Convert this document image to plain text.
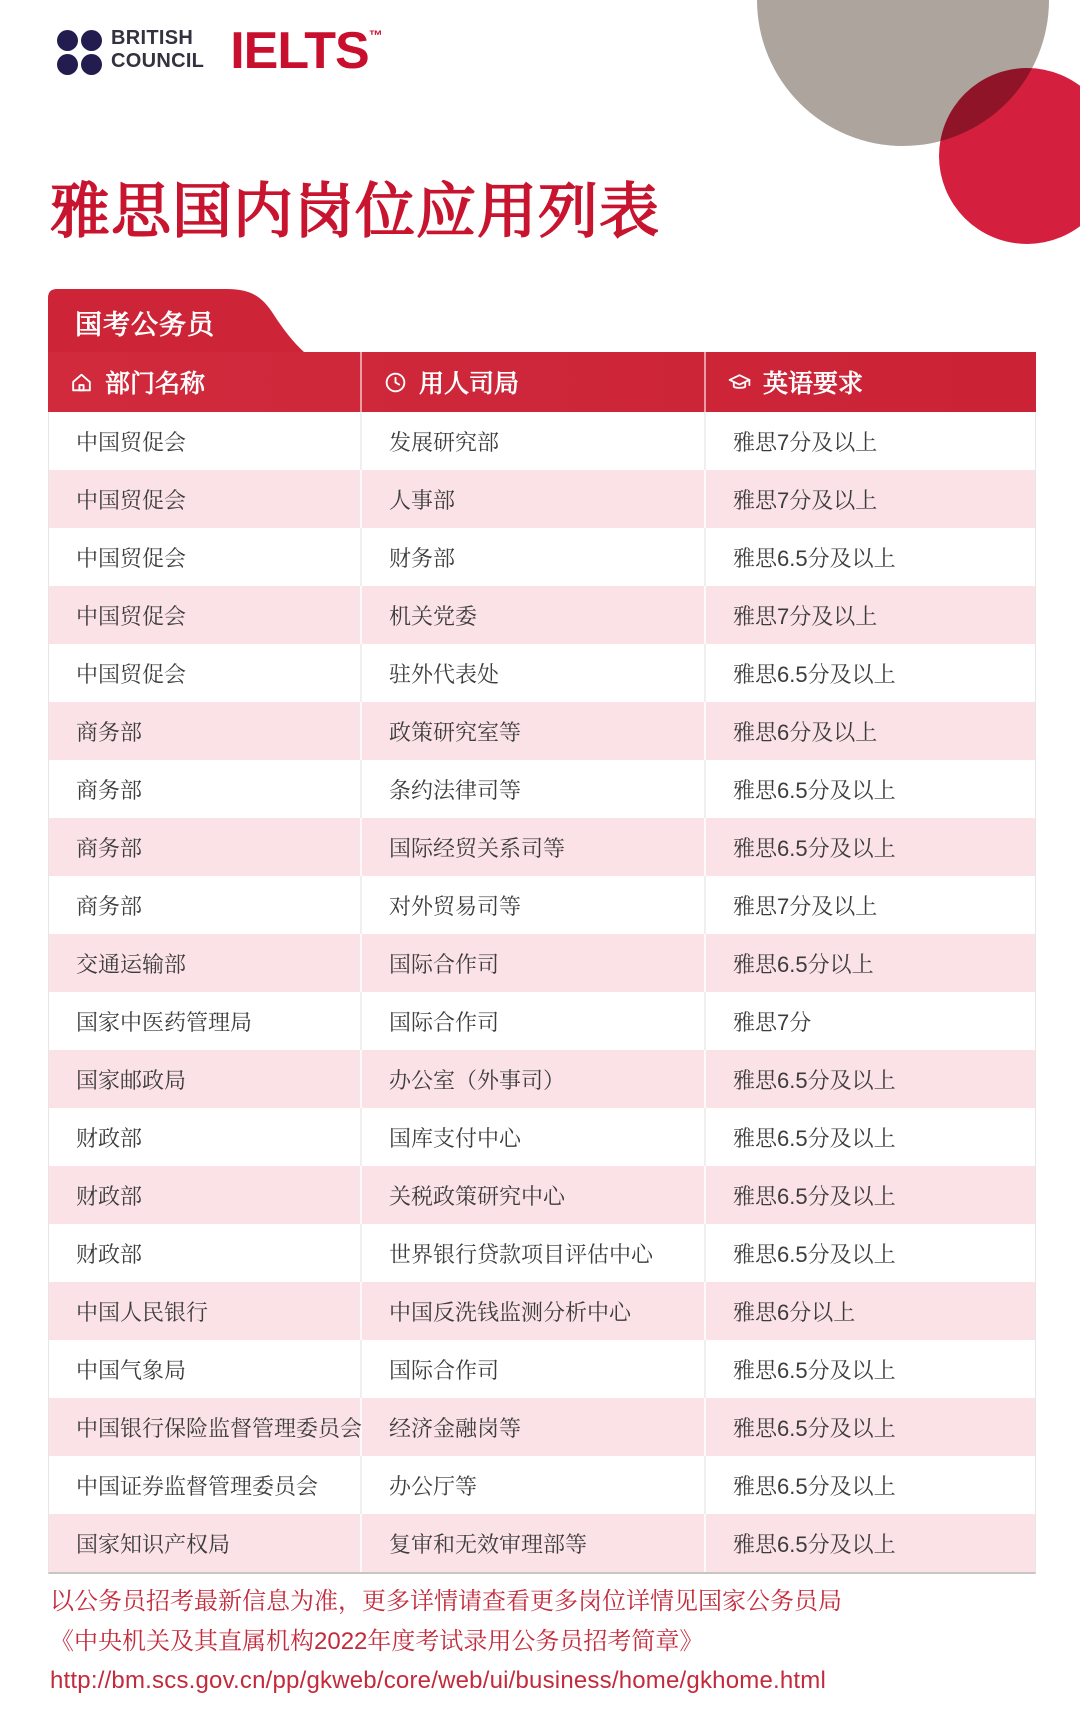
BRITISH
COUNCIL IELTS™
雅思国内岗位应用列表
国考公务员
部门名称	用人司局	英语要求
中国贸促会	发展研究部	雅思7分及以上
中国贸促会	人事部	雅思7分及以上
中国贸促会	财务部	雅思6.5分及以上
中国贸促会	机关党委	雅思7分及以上
中国贸促会	驻外代表处	雅思6.5分及以上
商务部	政策研究室等	雅思6分及以上
商务部	条约法律司等	雅思6.5分及以上
商务部	国际经贸关系司等	雅思6.5分及以上
商务部	对外贸易司等	雅思7分及以上
交通运输部	国际合作司	雅思6.5分以上
国家中医药管理局	国际合作司	雅思7分
国家邮政局	办公室（外事司）	雅思6.5分及以上
财政部	国库支付中心	雅思6.5分及以上
财政部	关税政策研究中心	雅思6.5分及以上
财政部	世界银行贷款项目评估中心	雅思6.5分及以上
中国人民银行	中国反洗钱监测分析中心	雅思6分以上
中国气象局	国际合作司	雅思6.5分及以上
中国银行保险监督管理委员会	经济金融岗等	雅思6.5分及以上
中国证券监督管理委员会	办公厅等	雅思6.5分及以上
国家知识产权局	复审和无效审理部等	雅思6.5分及以上

以公务员招考最新信息为准，更多详情请查看更多岗位详情见国家公务员局

《中央机关及其直属机构2022年度考试录用公务员招考简章》

http://bm.scs.gov.cn/pp/gkweb/core/web/ui/business/home/gkhome.html
